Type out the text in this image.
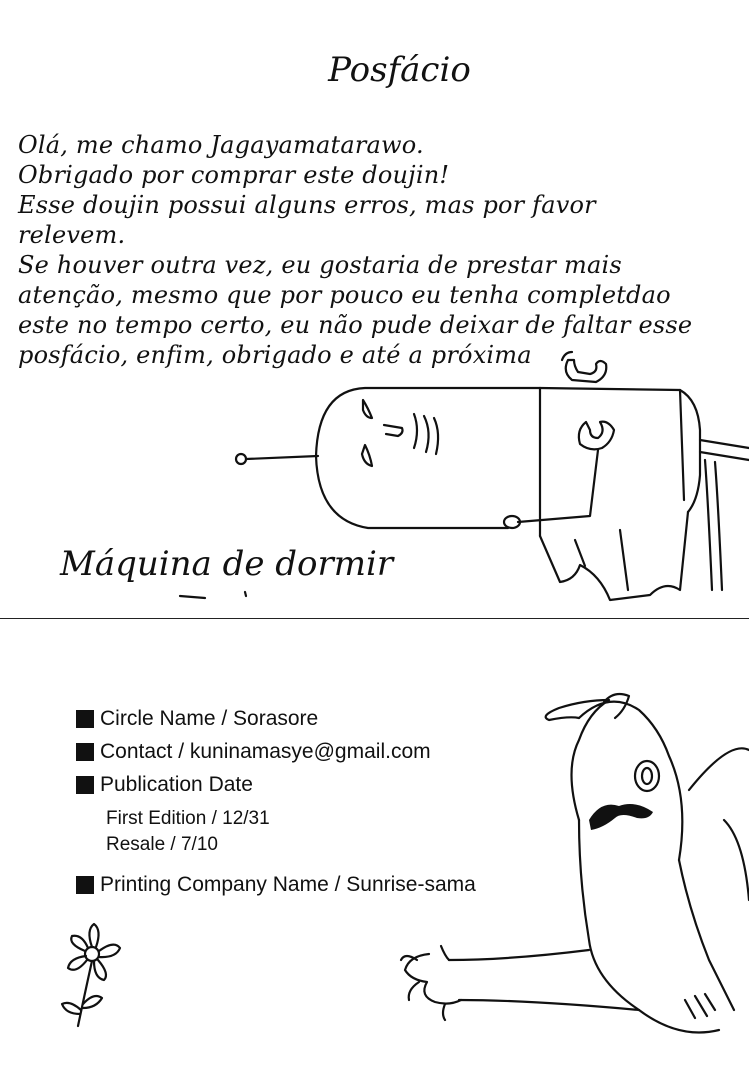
Posfácio

Olá, me chamo Jagayamatarawo.

Obrigado por comprar este doujin!

Esse doujin possui alguns erros, mas por favor

relevem.

Se houver outra vez, eu gostaria de prestar mais

atenção, mesmo que por pouco eu tenha completdao

este no tempo certo, eu não pude deixar de faltar esse

posfácio, enfim, obrigado e até a próxima

Máquina de dormir
Circle Name / Sorasore
Contact / kuninamasye@gmail.com
Publication Date
First Edition / 12/31
Resale / 7/10
Printing Company Name / Sunrise-sama
